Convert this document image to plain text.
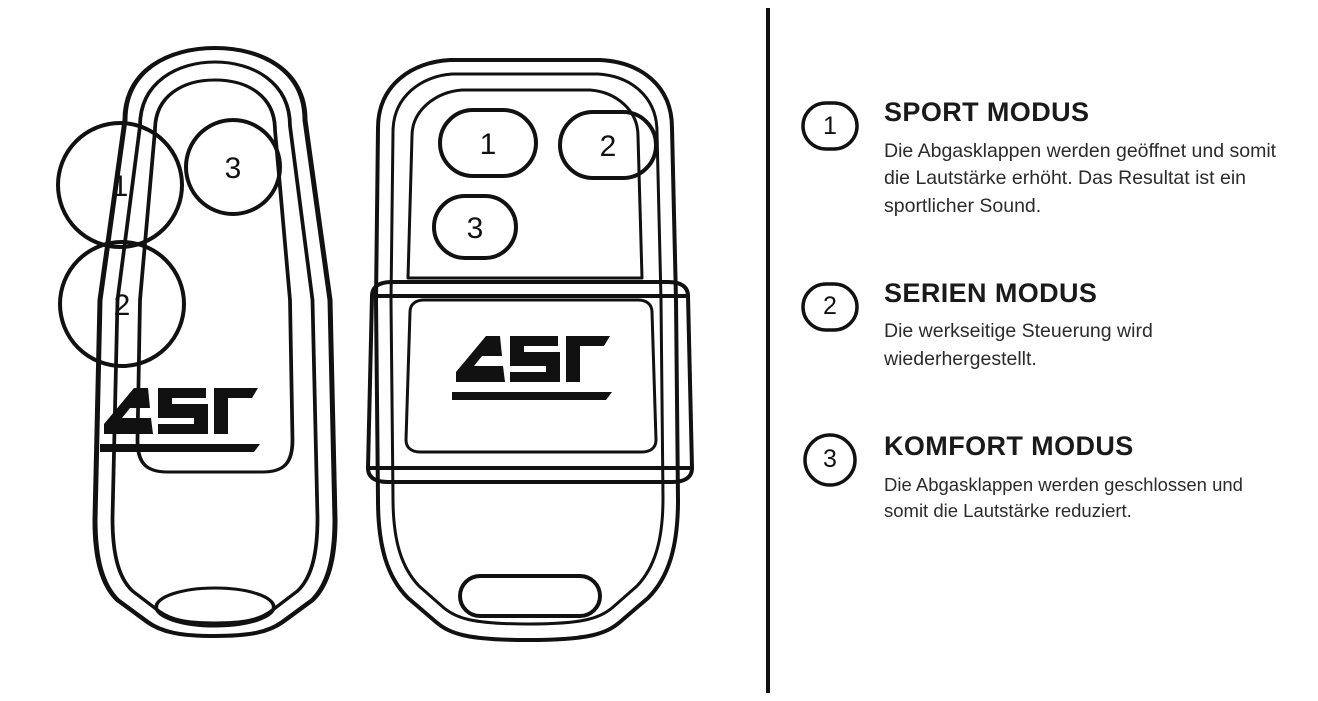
1
3
2
1	2
3
1	SPORT MODUS

Die Abgasklappen werden geöffnet und somit die Lautstärke erhöht. Das Resultat ist ein sportlicher Sound.

2	SERIEN MODUS

Die werkseitige Steuerung wird wiederhergestellt.

3	KOMFORT MODUS

Die Abgasklappen werden geschlossen und somit die Lautstärke reduziert.
